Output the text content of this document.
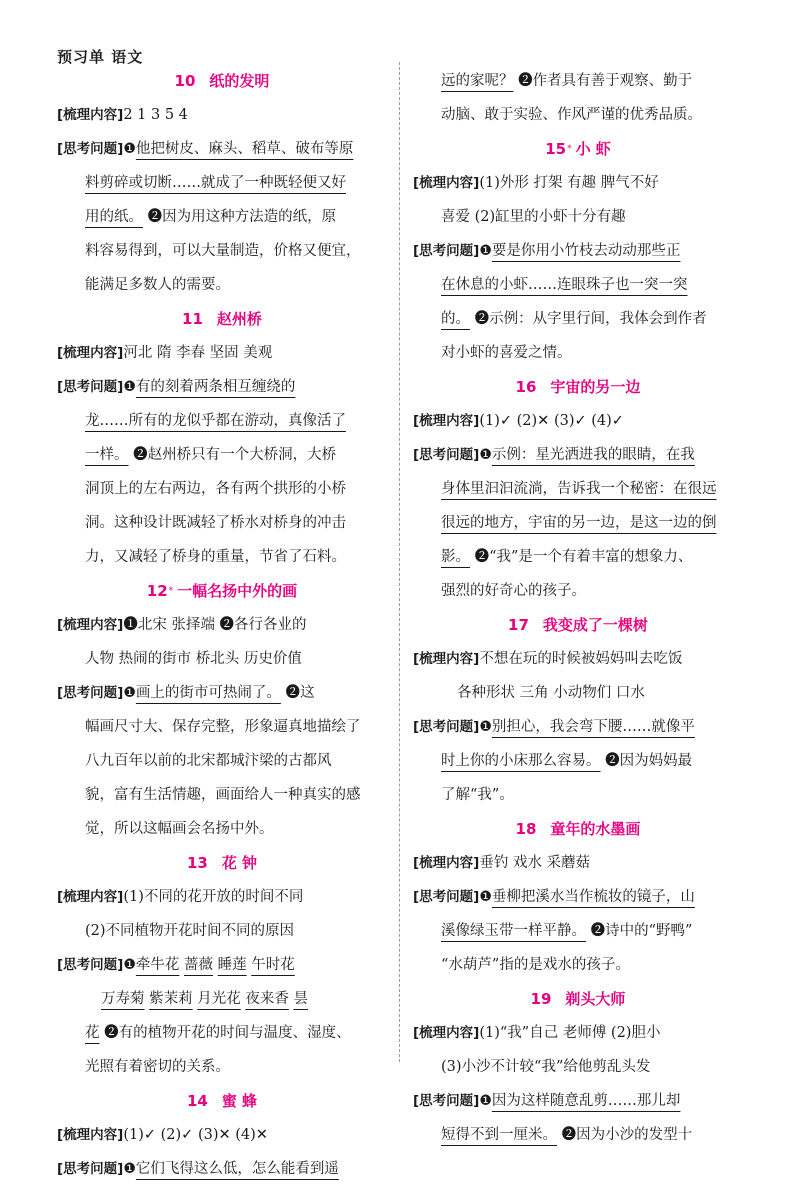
预习单 语文
10 纸的发明
[梳理内容]2 1 3 5 4
[思考问题]❶他把树皮、麻头、稻草、破布等原
料剪碎或切断……就成了一种既轻便又好
用的纸。 ❷因为用这种方法造的纸，原
料容易得到，可以大量制造，价格又便宜，
能满足多数人的需要。
11 赵州桥
[梳理内容]河北 隋 李春 坚固 美观
[思考问题]❶有的刻着两条相互缠绕的
龙……所有的龙似乎都在游动，真像活了
一样。 ❷赵州桥只有一个大桥洞，大桥
洞顶上的左右两边，各有两个拱形的小桥
洞。这种设计既减轻了桥水对桥身的冲击
力，又减轻了桥身的重量，节省了石料。
12* 一幅名扬中外的画
[梳理内容]❶北宋 张择端 ❷各行各业的
人物 热闹的街市 桥北头 历史价值
[思考问题]❶画上的街市可热闹了。 ❷这
幅画尺寸大、保存完整，形象逼真地描绘了
八九百年以前的北宋都城汴梁的古都风
貌，富有生活情趣，画面给人一种真实的感
觉，所以这幅画会名扬中外。
13 花 钟
[梳理内容](1)不同的花开放的时间不同
(2)不同植物开花时间不同的原因
[思考问题]❶牵牛花 蔷薇 睡莲 午时花
万寿菊 紫茉莉 月光花 夜来香 昙
花 ❷有的植物开花的时间与温度、湿度、
光照有着密切的关系。
14 蜜 蜂
[梳理内容](1)✓ (2)✓ (3)✕ (4)✕
[思考问题]❶它们飞得这么低，怎么能看到遥
远的家呢？ ❷作者具有善于观察、勤于
动脑、敢于实验、作风严谨的优秀品质。
15* 小 虾
[梳理内容](1)外形 打架 有趣 脾气不好
喜爱 (2)缸里的小虾十分有趣
[思考问题]❶要是你用小竹枝去动动那些正
在休息的小虾……连眼珠子也一突一突
的。 ❷示例：从字里行间，我体会到作者
对小虾的喜爱之情。
16 宇宙的另一边
[梳理内容](1)✓ (2)✕ (3)✓ (4)✓
[思考问题]❶示例：星光洒进我的眼睛，在我
身体里汩汩流淌，告诉我一个秘密：在很远
很远的地方，宇宙的另一边，是这一边的倒
影。 ❷“我”是一个有着丰富的想象力、
强烈的好奇心的孩子。
17 我变成了一棵树
[梳理内容]不想在玩的时候被妈妈叫去吃饭
各种形状 三角 小动物们 口水
[思考问题]❶别担心，我会弯下腰……就像平
时上你的小床那么容易。 ❷因为妈妈最
了解“我”。
18 童年的水墨画
[梳理内容]垂钓 戏水 采蘑菇
[思考问题]❶垂柳把溪水当作梳妆的镜子，山
溪像绿玉带一样平静。 ❷诗中的“野鸭”
“水葫芦”指的是戏水的孩子。
19 剃头大师
[梳理内容](1)“我”自己 老师傅 (2)胆小
(3)小沙不计较“我”给他剪乱头发
[思考问题]❶因为这样随意乱剪……那儿却
短得不到一厘米。 ❷因为小沙的发型十
